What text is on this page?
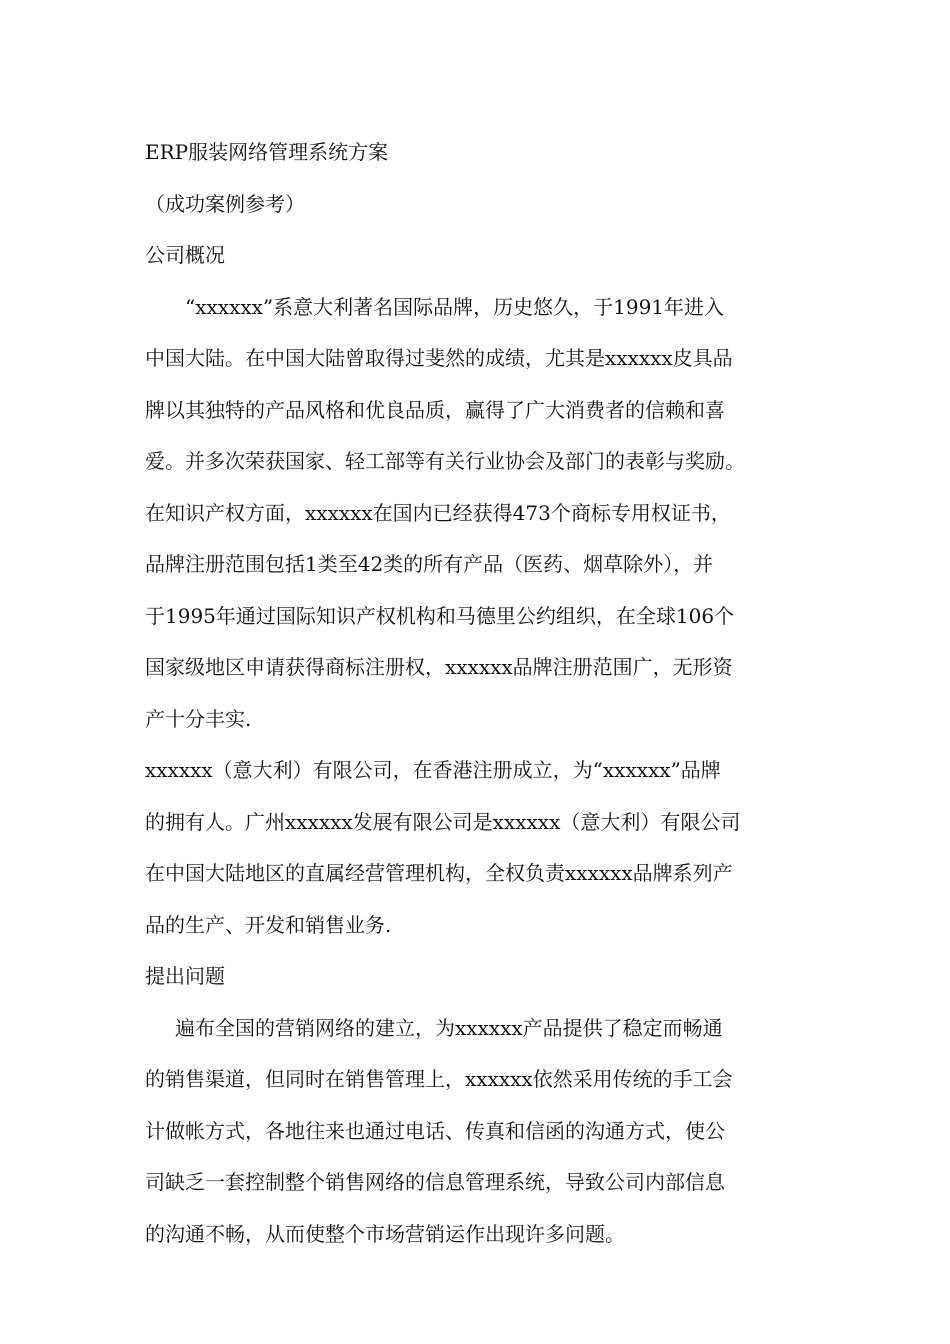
ERP服装网络管理系统方案
（成功案例参考）
公司概况
“xxxxxx”系意大利著名国际品牌，历史悠久，于1991年进入
中国大陆。在中国大陆曾取得过斐然的成绩，尤其是xxxxxx皮具品
牌以其独特的产品风格和优良品质，赢得了广大消费者的信赖和喜
爱。并多次荣获国家、轻工部等有关行业协会及部门的表彰与奖励。
在知识产权方面，xxxxxx在国内已经获得473个商标专用权证书，
品牌注册范围包括1类至42类的所有产品（医药、烟草除外），并
于1995年通过国际知识产权机构和马德里公约组织，在全球106个
国家级地区申请获得商标注册权，xxxxxx品牌注册范围广，无形资
产十分丰实.
xxxxxx（意大利）有限公司，在香港注册成立，为“xxxxxx”品牌
的拥有人。广州xxxxxx发展有限公司是xxxxxx（意大利）有限公司
在中国大陆地区的直属经营管理机构，全权负责xxxxxx品牌系列产
品的生产、开发和销售业务.
提出问题
遍布全国的营销网络的建立，为xxxxxx产品提供了稳定而畅通
的销售渠道，但同时在销售管理上，xxxxxx依然采用传统的手工会
计做帐方式，各地往来也通过电话、传真和信函的沟通方式，使公
司缺乏一套控制整个销售网络的信息管理系统，导致公司内部信息
的沟通不畅，从而使整个市场营销运作出现许多问题。
